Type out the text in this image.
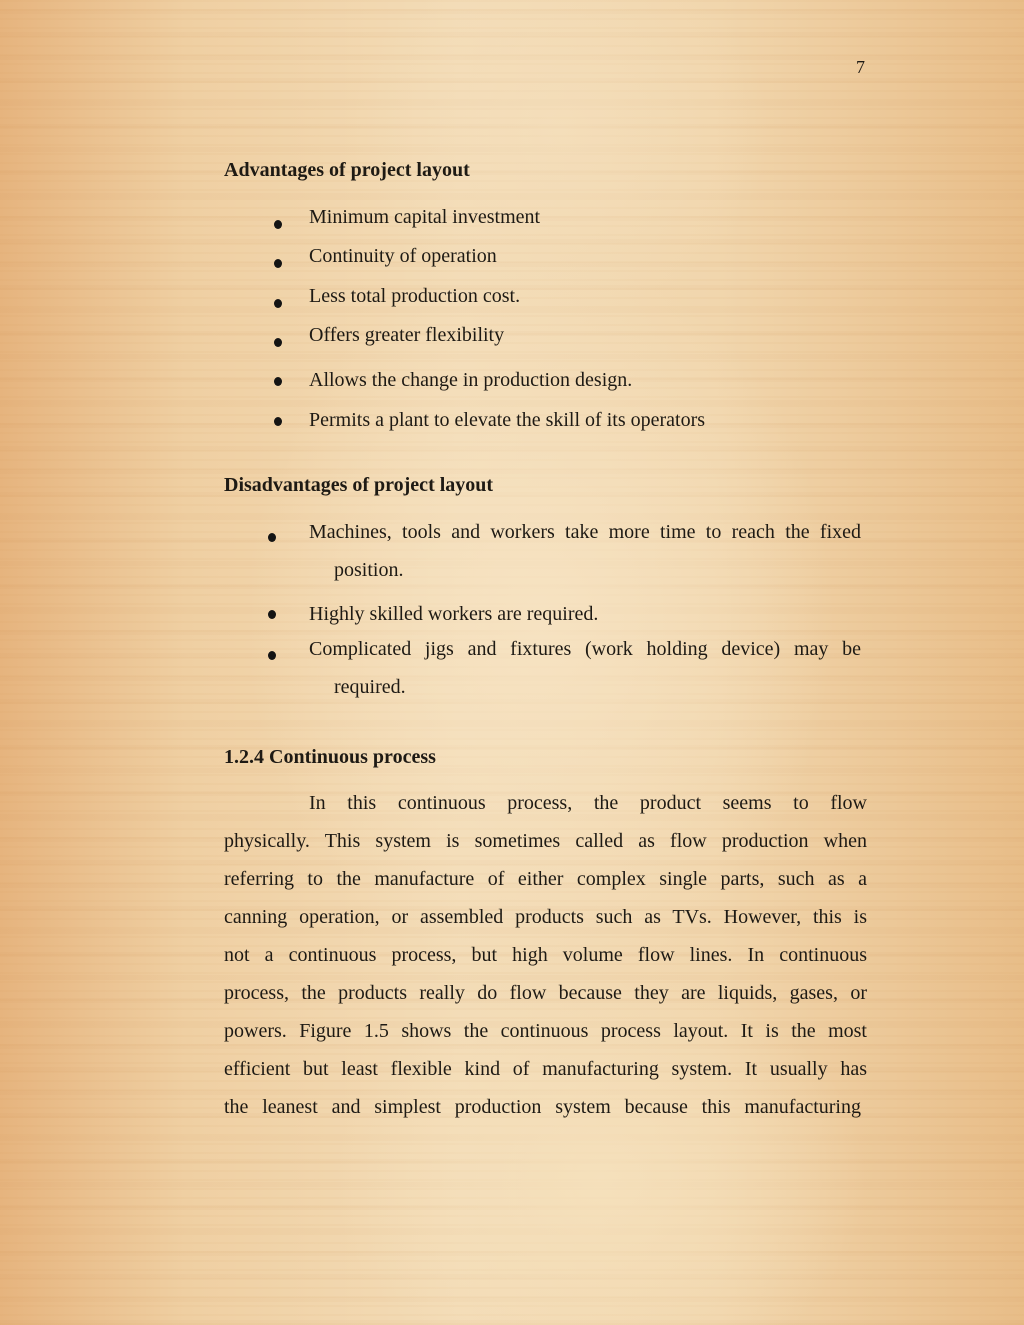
7
Advantages of project layout
Minimum capital investment
Continuity of operation
Less total production cost.
Offers greater flexibility
Allows the change in production design.
Permits a plant to elevate the skill of its operators
Disadvantages of project layout
Machines, tools and workers take more time to reach the fixed
position.
Highly skilled workers are required.
Complicated jigs and fixtures (work holding device) may be
required.
1.2.4 Continuous process
In this continuous process, the product seems to flow
physically. This system is sometimes called as flow production when
referring to the manufacture of either complex single parts, such as a
canning operation, or assembled products such as TVs. However, this is
not a continuous process, but high volume flow lines. In continuous
process, the products really do flow because they are liquids, gases, or
powers. Figure 1.5 shows the continuous process layout. It is the most
efficient but least flexible kind of manufacturing system. It usually has
the leanest and simplest production system because this manufacturing
